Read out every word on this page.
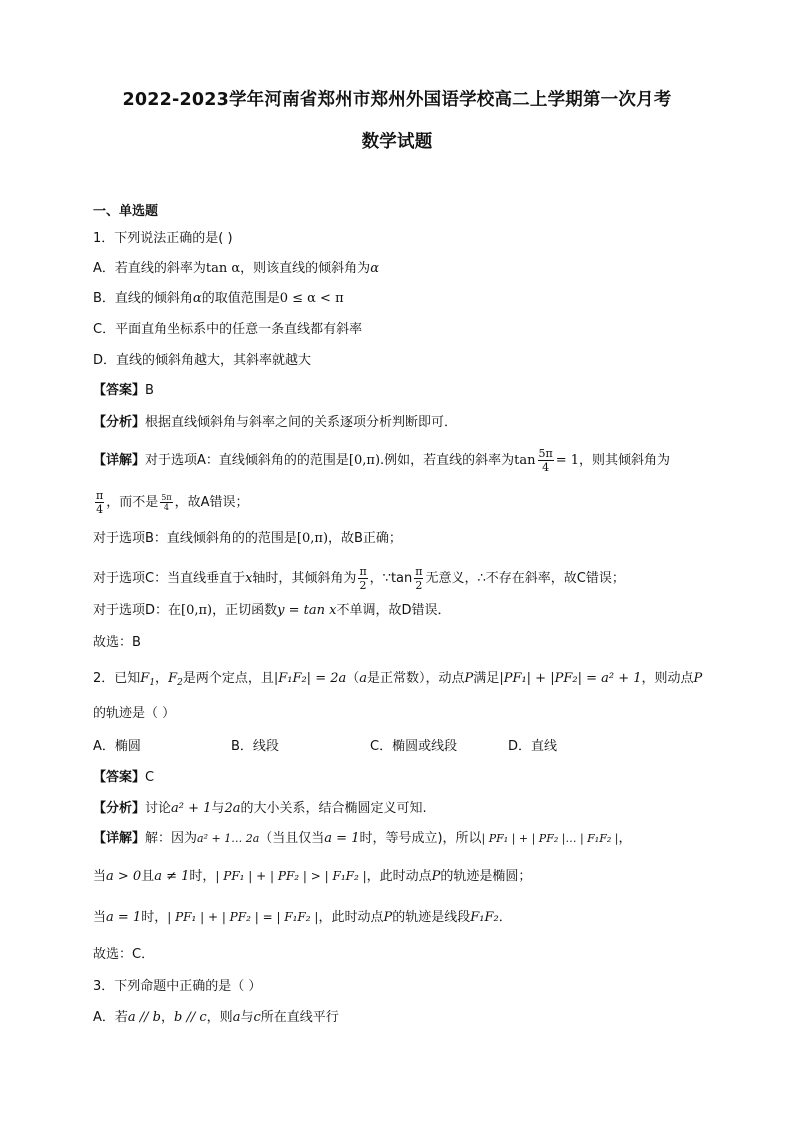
2022-2023学年河南省郑州市郑州外国语学校高二上学期第一次月考
数学试题
一、单选题
1．下列说法正确的是( )
A．若直线的斜率为tan α，则该直线的倾斜角为α
B．直线的倾斜角α的取值范围是0 ≤ α < π
C．平面直角坐标系中的任意一条直线都有斜率
D．直线的倾斜角越大，其斜率就越大
【答案】B
【分析】根据直线倾斜角与斜率之间的关系逐项分析判断即可．
【详解】对于选项A：直线倾斜角的的范围是[0,π).例如，若直线的斜率为$\tan \frac{5\pi}{4} = 1$，则其倾斜角为
$\frac{\pi}{4}$ ，而不是 $\frac{5\pi}{4}$ ，故A错误；
对于选项B：直线倾斜角的的范围是[0,π)，故B正确；
对于选项C：当直线垂直于x轴时，其倾斜角为 $\frac{\pi}{2}$ ，∵tan $\frac{\pi}{2}$ 无意义，∴不存在斜率，故C错误；
对于选项D：在[0,π)，正切函数y = tan x不单调，故D错误．
故选：B
2．已知$F_1$，$F_2$是两个定点，且|F₁F₂| = 2a（a是正常数），动点P满足|PF₁| + |PF₂| = a² + 1，则动点P
的轨迹是（ ）
A．椭圆	B．线段	C．椭圆或线段	D．直线
【答案】C
【分析】讨论a² + 1与2a的大小关系，结合椭圆定义可知.
【详解】解：因为a² + 1… 2a（当且仅当a = 1时，等号成立)，所以| PF₁ | + | PF₂ |… | F₁F₂ |，
当a > 0且a ≠ 1时，| PF₁ | + | PF₂ | > | F₁F₂ |，此时动点P的轨迹是椭圆；
当a = 1时，| PF₁ | + | PF₂ | = | F₁F₂ |，此时动点P的轨迹是线段F₁F₂．
故选：C．
3．下列命题中正确的是（ ）
A．若a // b，b // c，则a与c所在直线平行
